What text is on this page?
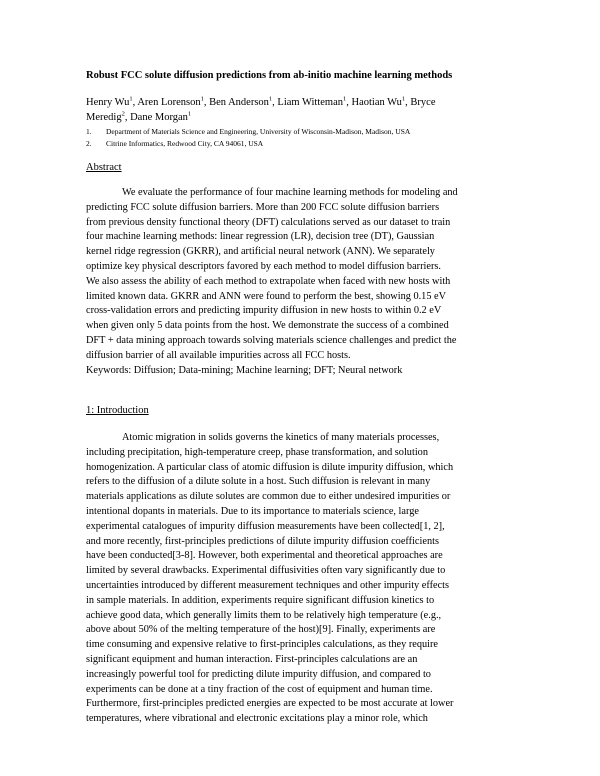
Robust FCC solute diffusion predictions from ab-initio machine learning methods
Henry Wu$^1$, Aren Lorenson$^1$, Ben Anderson$^1$, Liam Witteman$^1$, Haotian Wu$^1$, Bryce
Meredig$^2$, Dane Morgan$^1$
1. Department of Materials Science and Engineering, University of Wisconsin-Madison, Madison, USA
2. Citrine Informatics, Redwood City, CA 94061, USA
Abstract
We evaluate the performance of four machine learning methods for modeling and
predicting FCC solute diffusion barriers. More than 200 FCC solute diffusion barriers
from previous density functional theory (DFT) calculations served as our dataset to train
four machine learning methods: linear regression (LR), decision tree (DT), Gaussian
kernel ridge regression (GKRR), and artificial neural network (ANN). We separately
optimize key physical descriptors favored by each method to model diffusion barriers.
We also assess the ability of each method to extrapolate when faced with new hosts with
limited known data. GKRR and ANN were found to perform the best, showing 0.15 eV
cross-validation errors and predicting impurity diffusion in new hosts to within 0.2 eV
when given only 5 data points from the host. We demonstrate the success of a combined
DFT + data mining approach towards solving materials science challenges and predict the
diffusion barrier of all available impurities across all FCC hosts.
Keywords: Diffusion; Data-mining; Machine learning; DFT; Neural network
1: Introduction
Atomic migration in solids governs the kinetics of many materials processes,
including precipitation, high-temperature creep, phase transformation, and solution
homogenization. A particular class of atomic diffusion is dilute impurity diffusion, which
refers to the diffusion of a dilute solute in a host. Such diffusion is relevant in many
materials applications as dilute solutes are common due to either undesired impurities or
intentional dopants in materials. Due to its importance to materials science, large
experimental catalogues of impurity diffusion measurements have been collected[1, 2],
and more recently, first-principles predictions of dilute impurity diffusion coefficients
have been conducted[3-8]. However, both experimental and theoretical approaches are
limited by several drawbacks. Experimental diffusivities often vary significantly due to
uncertainties introduced by different measurement techniques and other impurity effects
in sample materials. In addition, experiments require significant diffusion kinetics to
achieve good data, which generally limits them to be relatively high temperature (e.g.,
above about 50% of the melting temperature of the host)[9]. Finally, experiments are
time consuming and expensive relative to first-principles calculations, as they require
significant equipment and human interaction. First-principles calculations are an
increasingly powerful tool for predicting dilute impurity diffusion, and compared to
experiments can be done at a tiny fraction of the cost of equipment and human time.
Furthermore, first-principles predicted energies are expected to be most accurate at lower
temperatures, where vibrational and electronic excitations play a minor role, which
